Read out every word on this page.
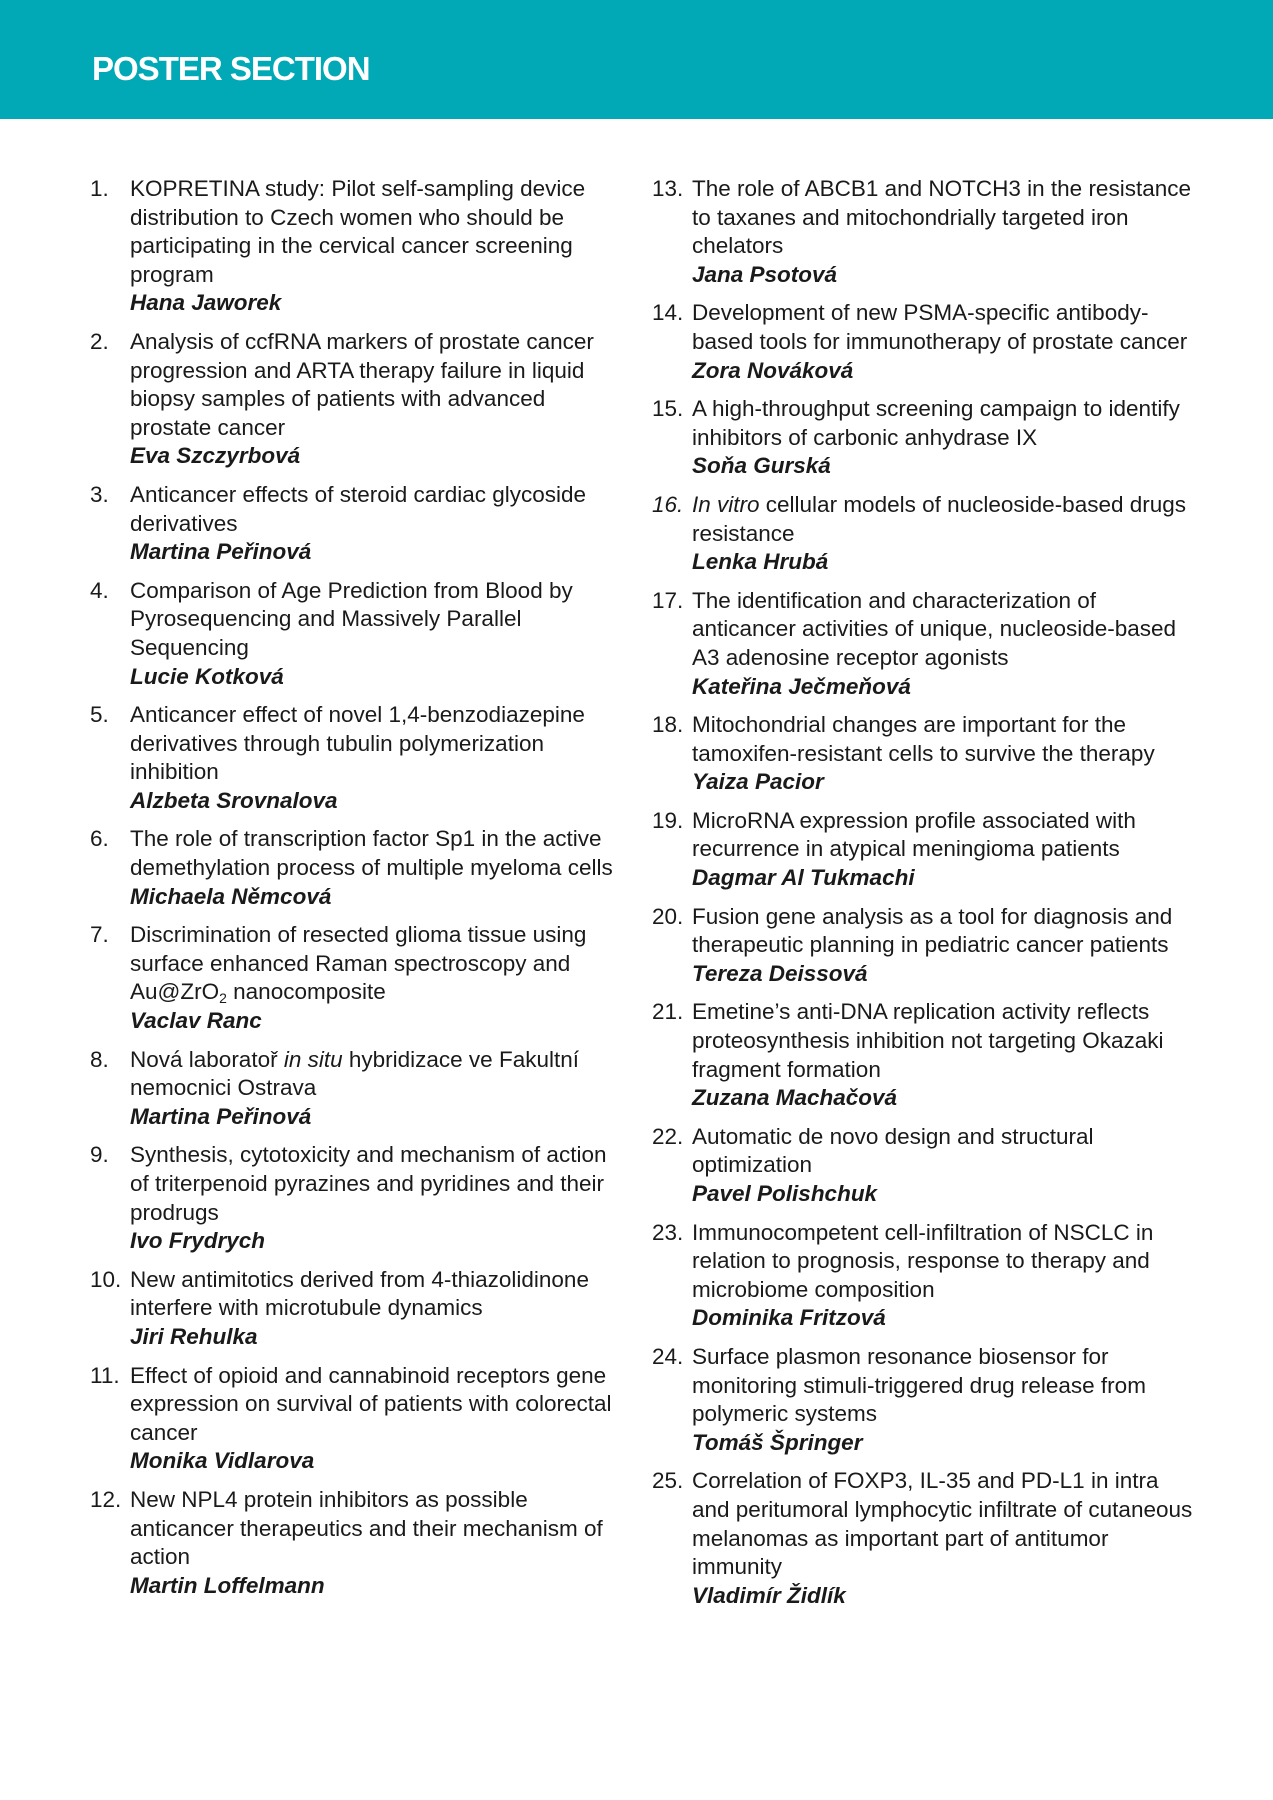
POSTER SECTION
1. KOPRETINA study: Pilot self-sampling device distribution to Czech women who should be participating in the cervical cancer screening program
Hana Jaworek
2. Analysis of ccfRNA markers of prostate cancer progression and ARTA therapy failure in liquid biopsy samples of patients with advanced prostate cancer
Eva Szczyrbová
3. Anticancer effects of steroid cardiac glycoside derivatives
Martina Peřinová
4. Comparison of Age Prediction from Blood by Pyrosequencing and Massively Parallel Sequencing
Lucie Kotková
5. Anticancer effect of novel 1,4-benzodiazepine derivatives through tubulin polymerization inhibition
Alzbeta Srovnalova
6. The role of transcription factor Sp1 in the active demethylation process of multiple myeloma cells
Michaela Němcová
7. Discrimination of resected glioma tissue using surface enhanced Raman spectroscopy and Au@ZrO$_2$ nanocomposite
Vaclav Ranc
8. Nová laboratoř in situ hybridizace ve Fakultní nemocnici Ostrava
Martina Peřinová
9. Synthesis, cytotoxicity and mechanism of action of triterpenoid pyrazines and pyridines and their prodrugs
Ivo Frydrych
10. New antimitotics derived from 4-thiazolidinone interfere with microtubule dynamics
Jiri Rehulka
11. Effect of opioid and cannabinoid receptors gene expression on survival of patients with colorectal cancer
Monika Vidlarova
12. New NPL4 protein inhibitors as possible anticancer therapeutics and their mechanism of action
Martin Loffelmann
13. The role of ABCB1 and NOTCH3 in the resistance to taxanes and mitochondrially targeted iron chelators
Jana Psotová
14. Development of new PSMA-specific antibody-based tools for immunotherapy of prostate cancer
Zora Nováková
15. A high-throughput screening campaign to identify inhibitors of carbonic anhydrase IX
Soňa Gurská
16. In vitro cellular models of nucleoside-based drugs resistance
Lenka Hrubá
17. The identification and characterization of anticancer activities of unique, nucleoside-based A3 adenosine receptor agonists
Kateřina Ječmeňová
18. Mitochondrial changes are important for the tamoxifen-resistant cells to survive the therapy
Yaiza Pacior
19. MicroRNA expression profile associated with recurrence in atypical meningioma patients
Dagmar Al Tukmachi
20. Fusion gene analysis as a tool for diagnosis and therapeutic planning in pediatric cancer patients
Tereza Deissová
21. Emetine’s anti-DNA replication activity reflects proteosynthesis inhibition not targeting Okazaki fragment formation
Zuzana Machačová
22. Automatic de novo design and structural optimization
Pavel Polishchuk
23. Immunocompetent cell-infiltration of NSCLC in relation to prognosis, response to therapy and microbiome composition
Dominika Fritzová
24. Surface plasmon resonance biosensor for monitoring stimuli-triggered drug release from polymeric systems
Tomáš Špringer
25. Correlation of FOXP3, IL-35 and PD-L1 in intra and peritumoral lymphocytic infiltrate of cutaneous melanomas as important part of antitumor immunity
Vladimír Židlík
